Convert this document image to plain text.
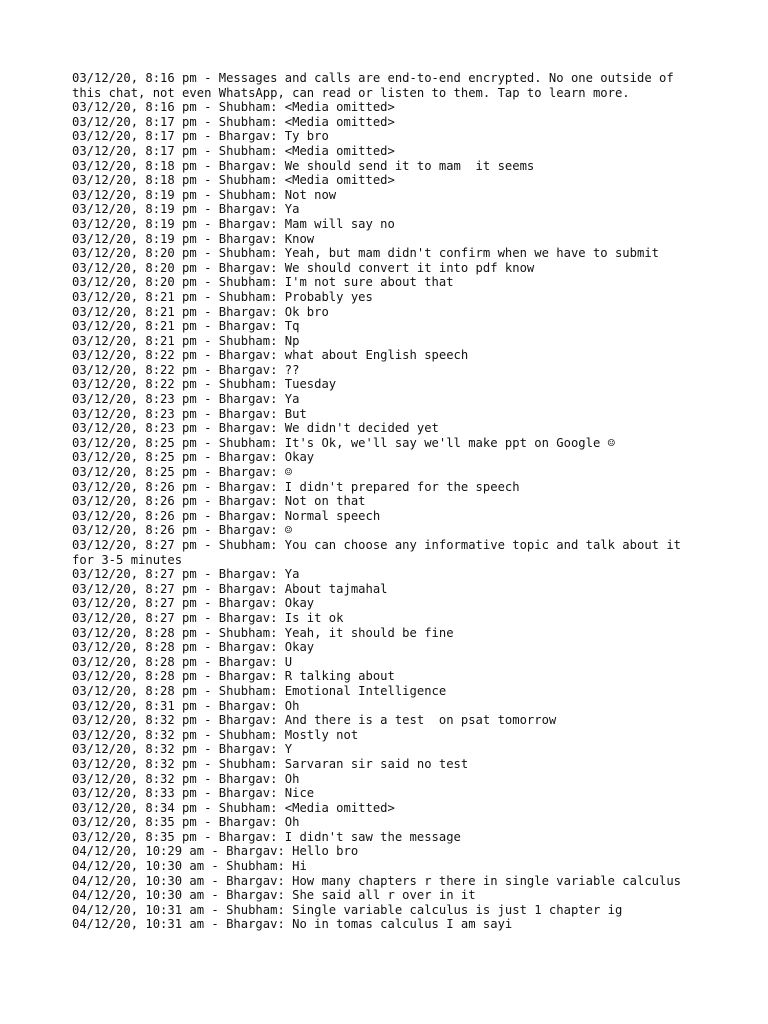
03/12/20, 8:16 pm - Messages and calls are end-to-end encrypted. No one outside of
this chat, not even WhatsApp, can read or listen to them. Tap to learn more.
03/12/20, 8:16 pm - Shubham: <Media omitted>
03/12/20, 8:17 pm - Shubham: <Media omitted>
03/12/20, 8:17 pm - Bhargav: Ty bro
03/12/20, 8:17 pm - Shubham: <Media omitted>
03/12/20, 8:18 pm - Bhargav: We should send it to mam  it seems
03/12/20, 8:18 pm - Shubham: <Media omitted>
03/12/20, 8:19 pm - Shubham: Not now
03/12/20, 8:19 pm - Bhargav: Ya
03/12/20, 8:19 pm - Bhargav: Mam will say no
03/12/20, 8:19 pm - Bhargav: Know
03/12/20, 8:20 pm - Shubham: Yeah, but mam didn't confirm when we have to submit
03/12/20, 8:20 pm - Bhargav: We should convert it into pdf know
03/12/20, 8:20 pm - Shubham: I'm not sure about that
03/12/20, 8:21 pm - Shubham: Probably yes
03/12/20, 8:21 pm - Bhargav: Ok bro
03/12/20, 8:21 pm - Bhargav: Tq
03/12/20, 8:21 pm - Shubham: Np
03/12/20, 8:22 pm - Bhargav: what about English speech
03/12/20, 8:22 pm - Bhargav: ??
03/12/20, 8:22 pm - Shubham: Tuesday
03/12/20, 8:23 pm - Bhargav: Ya
03/12/20, 8:23 pm - Bhargav: But
03/12/20, 8:23 pm - Bhargav: We didn't decided yet
03/12/20, 8:25 pm - Shubham: It's Ok, we'll say we'll make ppt on Google ☺
03/12/20, 8:25 pm - Bhargav: Okay
03/12/20, 8:25 pm - Bhargav: ☺
03/12/20, 8:26 pm - Bhargav: I didn't prepared for the speech
03/12/20, 8:26 pm - Bhargav: Not on that
03/12/20, 8:26 pm - Bhargav: Normal speech
03/12/20, 8:26 pm - Bhargav: ☺
03/12/20, 8:27 pm - Shubham: You can choose any informative topic and talk about it
for 3-5 minutes
03/12/20, 8:27 pm - Bhargav: Ya
03/12/20, 8:27 pm - Bhargav: About tajmahal
03/12/20, 8:27 pm - Bhargav: Okay
03/12/20, 8:27 pm - Bhargav: Is it ok
03/12/20, 8:28 pm - Shubham: Yeah, it should be fine
03/12/20, 8:28 pm - Bhargav: Okay
03/12/20, 8:28 pm - Bhargav: U
03/12/20, 8:28 pm - Bhargav: R talking about
03/12/20, 8:28 pm - Shubham: Emotional Intelligence
03/12/20, 8:31 pm - Bhargav: Oh
03/12/20, 8:32 pm - Bhargav: And there is a test  on psat tomorrow
03/12/20, 8:32 pm - Shubham: Mostly not
03/12/20, 8:32 pm - Bhargav: Y
03/12/20, 8:32 pm - Shubham: Sarvaran sir said no test
03/12/20, 8:32 pm - Bhargav: Oh
03/12/20, 8:33 pm - Bhargav: Nice
03/12/20, 8:34 pm - Shubham: <Media omitted>
03/12/20, 8:35 pm - Bhargav: Oh
03/12/20, 8:35 pm - Bhargav: I didn't saw the message
04/12/20, 10:29 am - Bhargav: Hello bro
04/12/20, 10:30 am - Shubham: Hi
04/12/20, 10:30 am - Bhargav: How many chapters r there in single variable calculus
04/12/20, 10:30 am - Bhargav: She said all r over in it
04/12/20, 10:31 am - Shubham: Single variable calculus is just 1 chapter ig
04/12/20, 10:31 am - Bhargav: No in tomas calculus I am sayi
